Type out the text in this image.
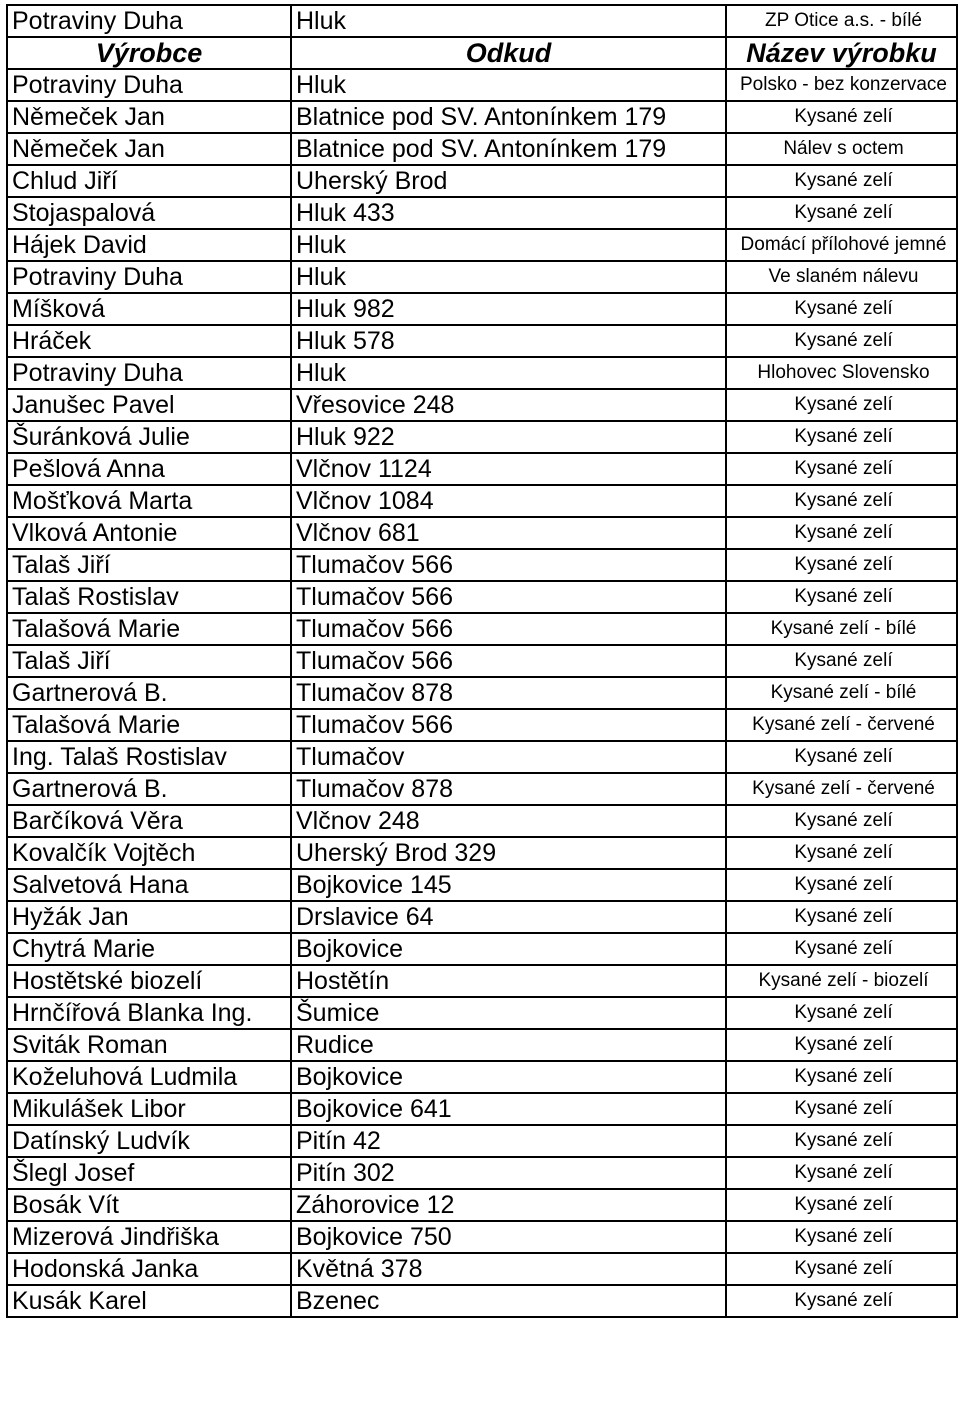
Potraviny Duha	Hluk	ZP Otice a.s. - bílé
Výrobce	Odkud	Název výrobku
Potraviny Duha	Hluk	Polsko - bez konzervace
Němeček Jan	Blatnice pod SV. Antonínkem 179	Kysané zelí
Němeček Jan	Blatnice pod SV. Antonínkem 179	Nálev s octem
Chlud Jiří	Uherský Brod	Kysané zelí
Stojaspalová	Hluk 433	Kysané zelí
Hájek David	Hluk	Domácí přílohové jemné
Potraviny Duha	Hluk	Ve slaném nálevu
Míšková	Hluk 982	Kysané zelí
Hráček	Hluk 578	Kysané zelí
Potraviny Duha	Hluk	Hlohovec Slovensko
Janušec Pavel	Vřesovice 248	Kysané zelí
Šuránková Julie	Hluk 922	Kysané zelí
Pešlová Anna	Vlčnov 1124	Kysané zelí
Mošťková Marta	Vlčnov 1084	Kysané zelí
Vlková Antonie	Vlčnov 681	Kysané zelí
Talaš Jiří	Tlumačov 566	Kysané zelí
Talaš Rostislav	Tlumačov 566	Kysané zelí
Talašová Marie	Tlumačov 566	Kysané zelí - bílé
Talaš Jiří	Tlumačov 566	Kysané zelí
Gartnerová B.	Tlumačov 878	Kysané zelí - bílé
Talašová Marie	Tlumačov 566	Kysané zelí - červené
Ing. Talaš Rostislav	Tlumačov	Kysané zelí
Gartnerová B.	Tlumačov 878	Kysané zelí - červené
Barčíková Věra	Vlčnov 248	Kysané zelí
Kovalčík Vojtěch	Uherský Brod 329	Kysané zelí
Salvetová Hana	Bojkovice 145	Kysané zelí
Hyžák Jan	Drslavice 64	Kysané zelí
Chytrá Marie	Bojkovice	Kysané zelí
Hostětské biozelí	Hostětín	Kysané zelí - biozelí
Hrnčířová Blanka Ing.	Šumice	Kysané zelí
Sviták Roman	Rudice	Kysané zelí
Koželuhová Ludmila	Bojkovice	Kysané zelí
Mikulášek Libor	Bojkovice 641	Kysané zelí
Datínský Ludvík	Pitín 42	Kysané zelí
Šlegl Josef	Pitín 302	Kysané zelí
Bosák Vít	Záhorovice 12	Kysané zelí
Mizerová Jindřiška	Bojkovice 750	Kysané zelí
Hodonská Janka	Květná 378	Kysané zelí
Kusák Karel	Bzenec	Kysané zelí
